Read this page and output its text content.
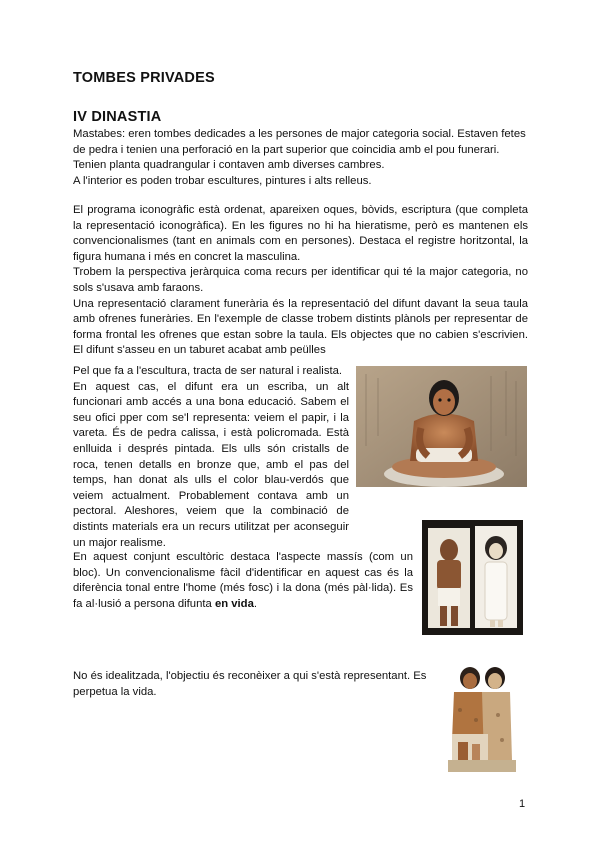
TOMBES PRIVADES
IV DINASTIA

Mastabes: eren tombes dedicades a les persones de major categoria social. Estaven fetes de pedra i tenien una perforació en la part superior que coincidia amb el pou funerari. Tenien planta quadrangular i contaven amb diverses cambres.

A l'interior es poden trobar escultures, pintures i alts relleus.

El programa iconogràfic està ordenat, apareixen oques, bòvids, escriptura (que completa la representació iconogràfica). En les figures no hi ha hieratisme, però es mantenen els convencionalismes (tant en animals com en persones). Destaca el registre horitzontal, la figura humana i més en concret la masculina.

Trobem la perspectiva jeràrquica coma recurs per identificar qui té la major categoria, no sols s'usava amb faraons.

Una representació clarament funerària és la representació del difunt davant la seua taula amb ofrenes funeràries. En l'exemple de classe trobem distints plànols per representar de forma frontal les ofrenes que estan sobre la taula. Els objectes que no cabien s'escrivien. El difunt s'asseu en un taburet acabat amb peülles

Pel que fa a l'escultura, tracta de ser natural i realista.

En aquest cas, el difunt era un escriba, un alt funcionari amb accés a una bona educació. Sabem el seu ofici pper com se'l representa: veiem el papir, i la vareta. És de pedra calissa, i està policromada. Està enlluida i després pintada. Els ulls són cristalls de roca, tenen detalls en bronze que, amb el pas del temps, han donat als ulls el color blau-verdós que veiem actualment. Probablement contava amb un pectoral. Aleshores, veiem que la combinació de distints materials era un recurs utilitzat per aconseguir un major realisme.

En aquest conjunt escultòric destaca l'aspecte massís (com un bloc). Un convencionalisme fàcil d'identificar en aquest cas és la diferència tonal entre l'home (més fosc) i la dona (més pàl·lida). Es fa al·lusió a persona difunta en vida.

No és idealitzada, l'objectiu és reconèixer a qui s'està representant. Es perpetua la vida.

1
